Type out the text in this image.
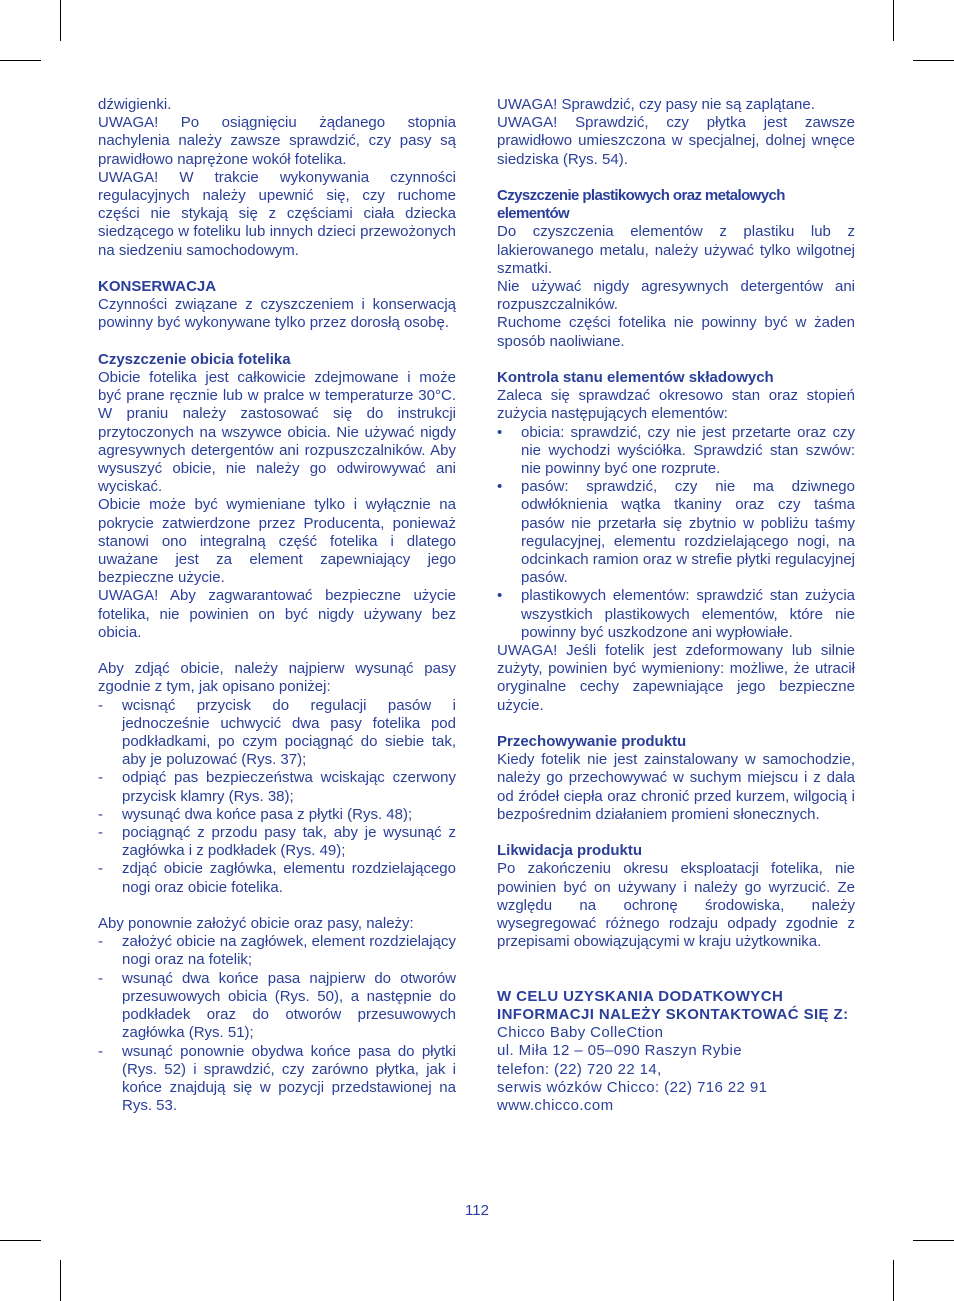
dźwigienki.

UWAGA! Po osiągnięciu żądanego stopnia nachylenia należy zawsze sprawdzić, czy pasy są prawidłowo naprężone wokół fotelika.

UWAGA! W trakcie wykonywania czynności regulacyjnych należy upewnić się, czy ruchome części nie stykają się z częściami ciała dziecka siedzącego w foteliku lub innych dzieci przewożonych na siedzeniu samochodowym.

KONSERWACJA

Czynności związane z czyszczeniem i konserwacją powinny być wykonywane tylko przez dorosłą osobę.

Czyszczenie obicia fotelika

Obicie fotelika jest całkowicie zdejmowane i może być prane ręcznie lub w pralce w temperaturze 30°C. W praniu należy zastosować się do instrukcji przytoczonych na wszywce obicia. Nie używać nigdy agresywnych detergentów ani rozpuszczalników. Aby wysuszyć obicie, nie należy go odwirowywać ani wyciskać.

Obicie może być wymieniane tylko i wyłącznie na pokrycie zatwierdzone przez Producenta, ponieważ stanowi ono integralną część fotelika i dlatego uważane jest za element zapewniający jego bezpieczne użycie.

UWAGA! Aby zagwarantować bezpieczne użycie fotelika, nie powinien on być nigdy używany bez obicia.

Aby zdjąć obicie, należy najpierw wysunąć pasy zgodnie z tym, jak opisano poniżej:

-	wcisnąć przycisk do regulacji pasów i jednocześnie uchwycić dwa pasy fotelika pod podkładkami, po czym pociągnąć do siebie tak, aby je poluzować (Rys. 37);
-	odpiąć pas bezpieczeństwa wciskając czerwony przycisk klamry (Rys. 38);
-	wysunąć dwa końce pasa z płytki (Rys. 48);
-	pociągnąć z przodu pasy tak, aby je wysunąć z zagłówka i z podkładek (Rys. 49);
-	zdjąć obicie zagłówka, elementu rozdzielającego nogi oraz obicie fotelika.

Aby ponownie założyć obicie oraz pasy, należy:

-	założyć obicie na zagłówek, element rozdzielający nogi oraz na fotelik;
-	wsunąć dwa końce pasa najpierw do otworów przesuwowych obicia (Rys. 50), a następnie do podkładek oraz do otworów przesuwowych zagłówka (Rys. 51);
-	wsunąć ponownie obydwa końce pasa do płytki (Rys. 52) i sprawdzić, czy zarówno płytka, jak i końce znajdują się w pozycji przedstawionej na Rys. 53.

UWAGA! Sprawdzić, czy pasy nie są zaplątane.

UWAGA! Sprawdzić, czy płytka jest zawsze prawidłowo umieszczona w specjalnej, dolnej wnęce siedziska (Rys. 54).

Czyszczenie plastikowych oraz metalowych elementów

Do czyszczenia elementów z plastiku lub z lakierowanego metalu, należy używać tylko wilgotnej szmatki.

Nie używać nigdy agresywnych detergentów ani rozpuszczalników.

Ruchome części fotelika nie powinny być w żaden sposób naoliwiane.

Kontrola stanu elementów składowych

Zaleca się sprawdzać okresowo stan oraz stopień zużycia następujących elementów:

•	obicia: sprawdzić, czy nie jest przetarte oraz czy nie wychodzi wyściółka. Sprawdzić stan szwów: nie powinny być one rozprute.
•	pasów: sprawdzić, czy nie ma dziwnego odwłóknienia wątka tkaniny oraz czy taśma pasów nie przetarła się zbytnio w pobliżu taśmy regulacyjnej, elementu rozdzielającego nogi, na odcinkach ramion oraz w strefie płytki regulacyjnej pasów.
•	plastikowych elementów: sprawdzić stan zużycia wszystkich plastikowych elementów, które nie powinny być uszkodzone ani wypłowiałe.

UWAGA! Jeśli fotelik jest zdeformowany lub silnie zużyty, powinien być wymieniony: możliwe, że utracił oryginalne cechy zapewniające jego bezpieczne użycie.

Przechowywanie produktu

Kiedy fotelik nie jest zainstalowany w samochodzie, należy go przechowywać w suchym miejscu i z dala od źródeł ciepła oraz chronić przed kurzem, wilgocią i bezpośrednim działaniem promieni słonecznych.

Likwidacja produktu

Po zakończeniu okresu eksploatacji fotelika, nie powinien być on używany i należy go wyrzucić. Ze względu na ochronę środowiska, należy wysegregować różnego rodzaju odpady zgodnie z przepisami obowiązującymi w kraju użytkownika.

W CELU UZYSKANIA DODATKOWYCH INFORMACJI NALEŻY SKONTAKTOWAĆ SIĘ Z:

Chicco Baby ColleCtion

ul. Miła 12 – 05–090 Raszyn Rybie

telefon: (22) 720 22 14,

serwis wózków Chicco: (22) 716 22 91

www.chicco.com

112
